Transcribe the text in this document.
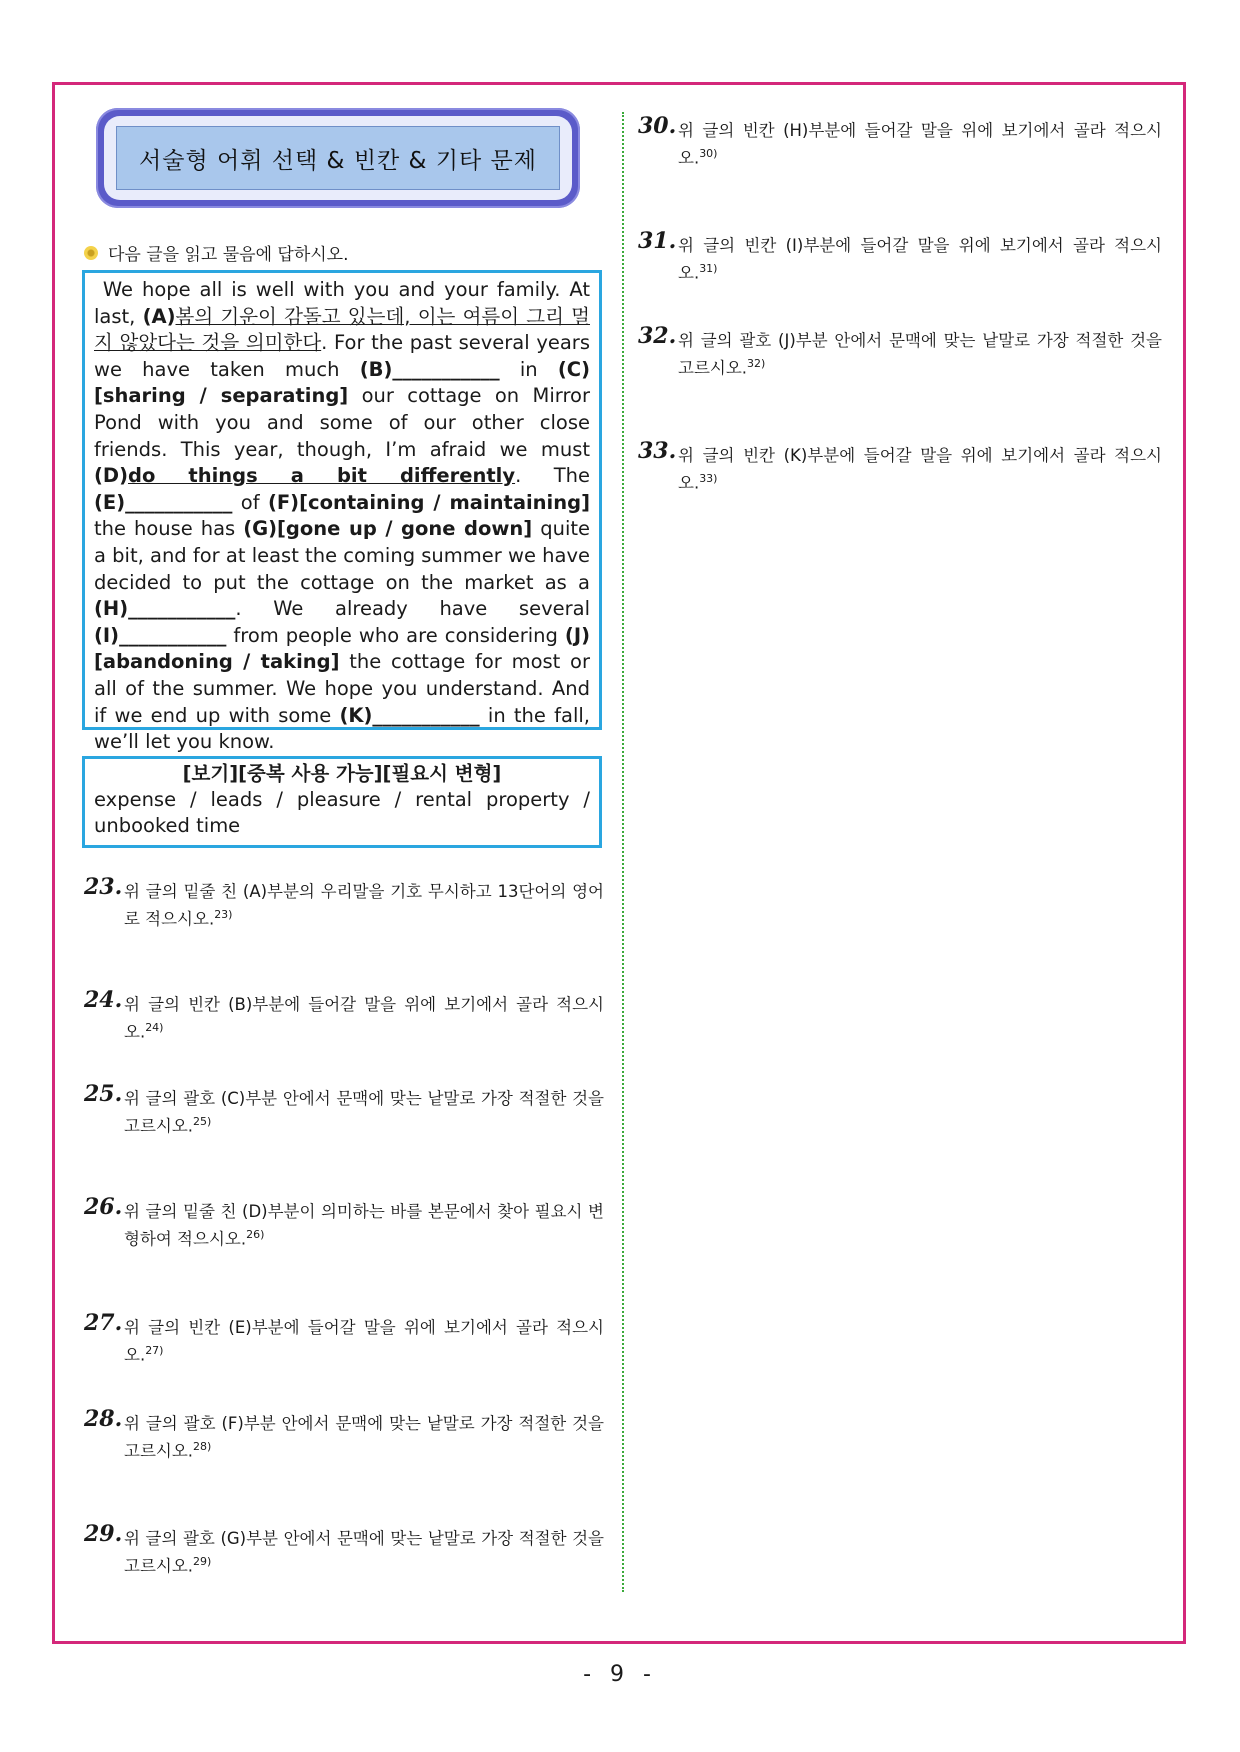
서술형 어휘 선택 & 빈칸 & 기타 문제
다음 글을 읽고 물음에 답하시오.
We hope all is well with you and your family. At last, (A)봄의 기운이 감돌고 있는데, 이는 여름이 그리 멀지 않았다는 것을 의미한다. For the past several years we have taken much (B)___________ in (C)[sharing / separating] our cottage on Mirror Pond with you and some of our other close friends. This year, though, I’m afraid we must (D)do things a bit differently. The (E)___________ of (F)[containing / maintaining] the house has (G)[gone up / gone down] quite a bit, and for at least the coming summer we have decided to put the cottage on the market as a (H)___________. We already have several (I)___________ from people who are considering (J)[abandoning / taking] the cottage for most or all of the summer. We hope you understand. And if we end up with some (K)___________ in the fall, we’ll let you know.
[보기][중복 사용 가능][필요시 변형]
expense / leads / pleasure / rental property / unbooked time
23. 위 글의 밑줄 친 (A)부분의 우리말을 기호 무시하고 13단어의 영어로 적으시오.$^{23)}$
24. 위 글의 빈칸 (B)부분에 들어갈 말을 위에 보기에서 골라 적으시오.$^{24)}$
25. 위 글의 괄호 (C)부분 안에서 문맥에 맞는 낱말로 가장 적절한 것을 고르시오.$^{25)}$
26. 위 글의 밑줄 친 (D)부분이 의미하는 바를 본문에서 찾아 필요시 변형하여 적으시오.$^{26)}$
27. 위 글의 빈칸 (E)부분에 들어갈 말을 위에 보기에서 골라 적으시오.$^{27)}$
28. 위 글의 괄호 (F)부분 안에서 문맥에 맞는 낱말로 가장 적절한 것을 고르시오.$^{28)}$
29. 위 글의 괄호 (G)부분 안에서 문맥에 맞는 낱말로 가장 적절한 것을 고르시오.$^{29)}$
30. 위 글의 빈칸 (H)부분에 들어갈 말을 위에 보기에서 골라 적으시오.$^{30)}$
31. 위 글의 빈칸 (I)부분에 들어갈 말을 위에 보기에서 골라 적으시오.$^{31)}$
32. 위 글의 괄호 (J)부분 안에서 문맥에 맞는 낱말로 가장 적절한 것을 고르시오.$^{32)}$
33. 위 글의 빈칸 (K)부분에 들어갈 말을 위에 보기에서 골라 적으시오.$^{33)}$
- 9 -
